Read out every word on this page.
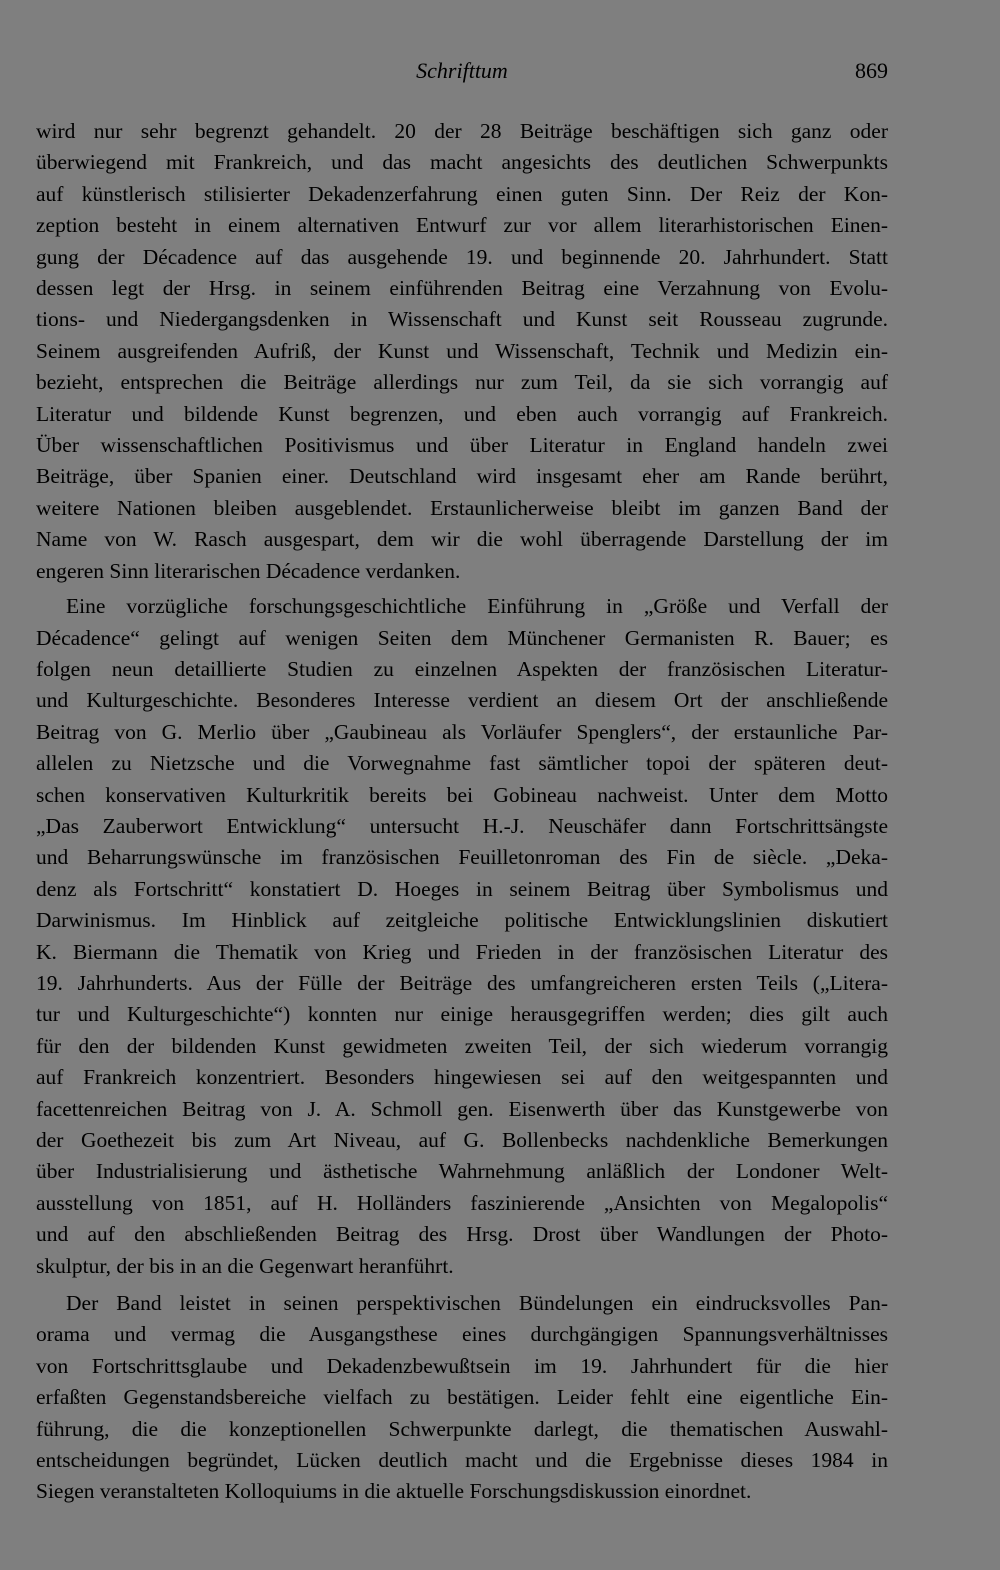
Schrifttum	869

wird nur sehr begrenzt gehandelt. 20 der 28 Beiträge beschäftigen sich ganz oder
überwiegend mit Frankreich, und das macht angesichts des deutlichen Schwerpunkts
auf künstlerisch stilisierter Dekadenzerfahrung einen guten Sinn. Der Reiz der Kon-
zeption besteht in einem alternativen Entwurf zur vor allem literarhistorischen Einen-
gung der Décadence auf das ausgehende 19. und beginnende 20. Jahrhundert. Statt
dessen legt der Hrsg. in seinem einführenden Beitrag eine Verzahnung von Evolu-
tions- und Niedergangsdenken in Wissenschaft und Kunst seit Rousseau zugrunde.
Seinem ausgreifenden Aufriß, der Kunst und Wissenschaft, Technik und Medizin ein-
bezieht, entsprechen die Beiträge allerdings nur zum Teil, da sie sich vorrangig auf
Literatur und bildende Kunst begrenzen, und eben auch vorrangig auf Frankreich.
Über wissenschaftlichen Positivismus und über Literatur in England handeln zwei
Beiträge, über Spanien einer. Deutschland wird insgesamt eher am Rande berührt,
weitere Nationen bleiben ausgeblendet. Erstaunlicherweise bleibt im ganzen Band der
Name von W. Rasch ausgespart, dem wir die wohl überragende Darstellung der im
engeren Sinn literarischen Décadence verdanken.

Eine vorzügliche forschungsgeschichtliche Einführung in „Größe und Verfall der
Décadence“ gelingt auf wenigen Seiten dem Münchener Germanisten R. Bauer; es
folgen neun detaillierte Studien zu einzelnen Aspekten der französischen Literatur-
und Kulturgeschichte. Besonderes Interesse verdient an diesem Ort der anschließende
Beitrag von G. Merlio über „Gaubineau als Vorläufer Spenglers“, der erstaunliche Par-
allelen zu Nietzsche und die Vorwegnahme fast sämtlicher topoi der späteren deut-
schen konservativen Kulturkritik bereits bei Gobineau nachweist. Unter dem Motto
„Das Zauberwort Entwicklung“ untersucht H.-J. Neuschäfer dann Fortschrittsängste
und Beharrungswünsche im französischen Feuilletonroman des Fin de siècle. „Deka-
denz als Fortschritt“ konstatiert D. Hoeges in seinem Beitrag über Symbolismus und
Darwinismus. Im Hinblick auf zeitgleiche politische Entwicklungslinien diskutiert
K. Biermann die Thematik von Krieg und Frieden in der französischen Literatur des
19. Jahrhunderts. Aus der Fülle der Beiträge des umfangreicheren ersten Teils („Litera-
tur und Kulturgeschichte“) konnten nur einige herausgegriffen werden; dies gilt auch
für den der bildenden Kunst gewidmeten zweiten Teil, der sich wiederum vorrangig
auf Frankreich konzentriert. Besonders hingewiesen sei auf den weitgespannten und
facettenreichen Beitrag von J. A. Schmoll gen. Eisenwerth über das Kunstgewerbe von
der Goethezeit bis zum Art Niveau, auf G. Bollenbecks nachdenkliche Bemerkungen
über Industrialisierung und ästhetische Wahrnehmung anläßlich der Londoner Welt-
ausstellung von 1851, auf H. Holländers faszinierende „Ansichten von Megalopolis“
und auf den abschließenden Beitrag des Hrsg. Drost über Wandlungen der Photo-
skulptur, der bis in an die Gegenwart heranführt.

Der Band leistet in seinen perspektivischen Bündelungen ein eindrucksvolles Pan-
orama und vermag die Ausgangsthese eines durchgängigen Spannungsverhältnisses
von Fortschrittsglaube und Dekadenzbewußtsein im 19. Jahrhundert für die hier
erfaßten Gegenstandsbereiche vielfach zu bestätigen. Leider fehlt eine eigentliche Ein-
führung, die die konzeptionellen Schwerpunkte darlegt, die thematischen Auswahl-
entscheidungen begründet, Lücken deutlich macht und die Ergebnisse dieses 1984 in
Siegen veranstalteten Kolloquiums in die aktuelle Forschungsdiskussion einordnet.
